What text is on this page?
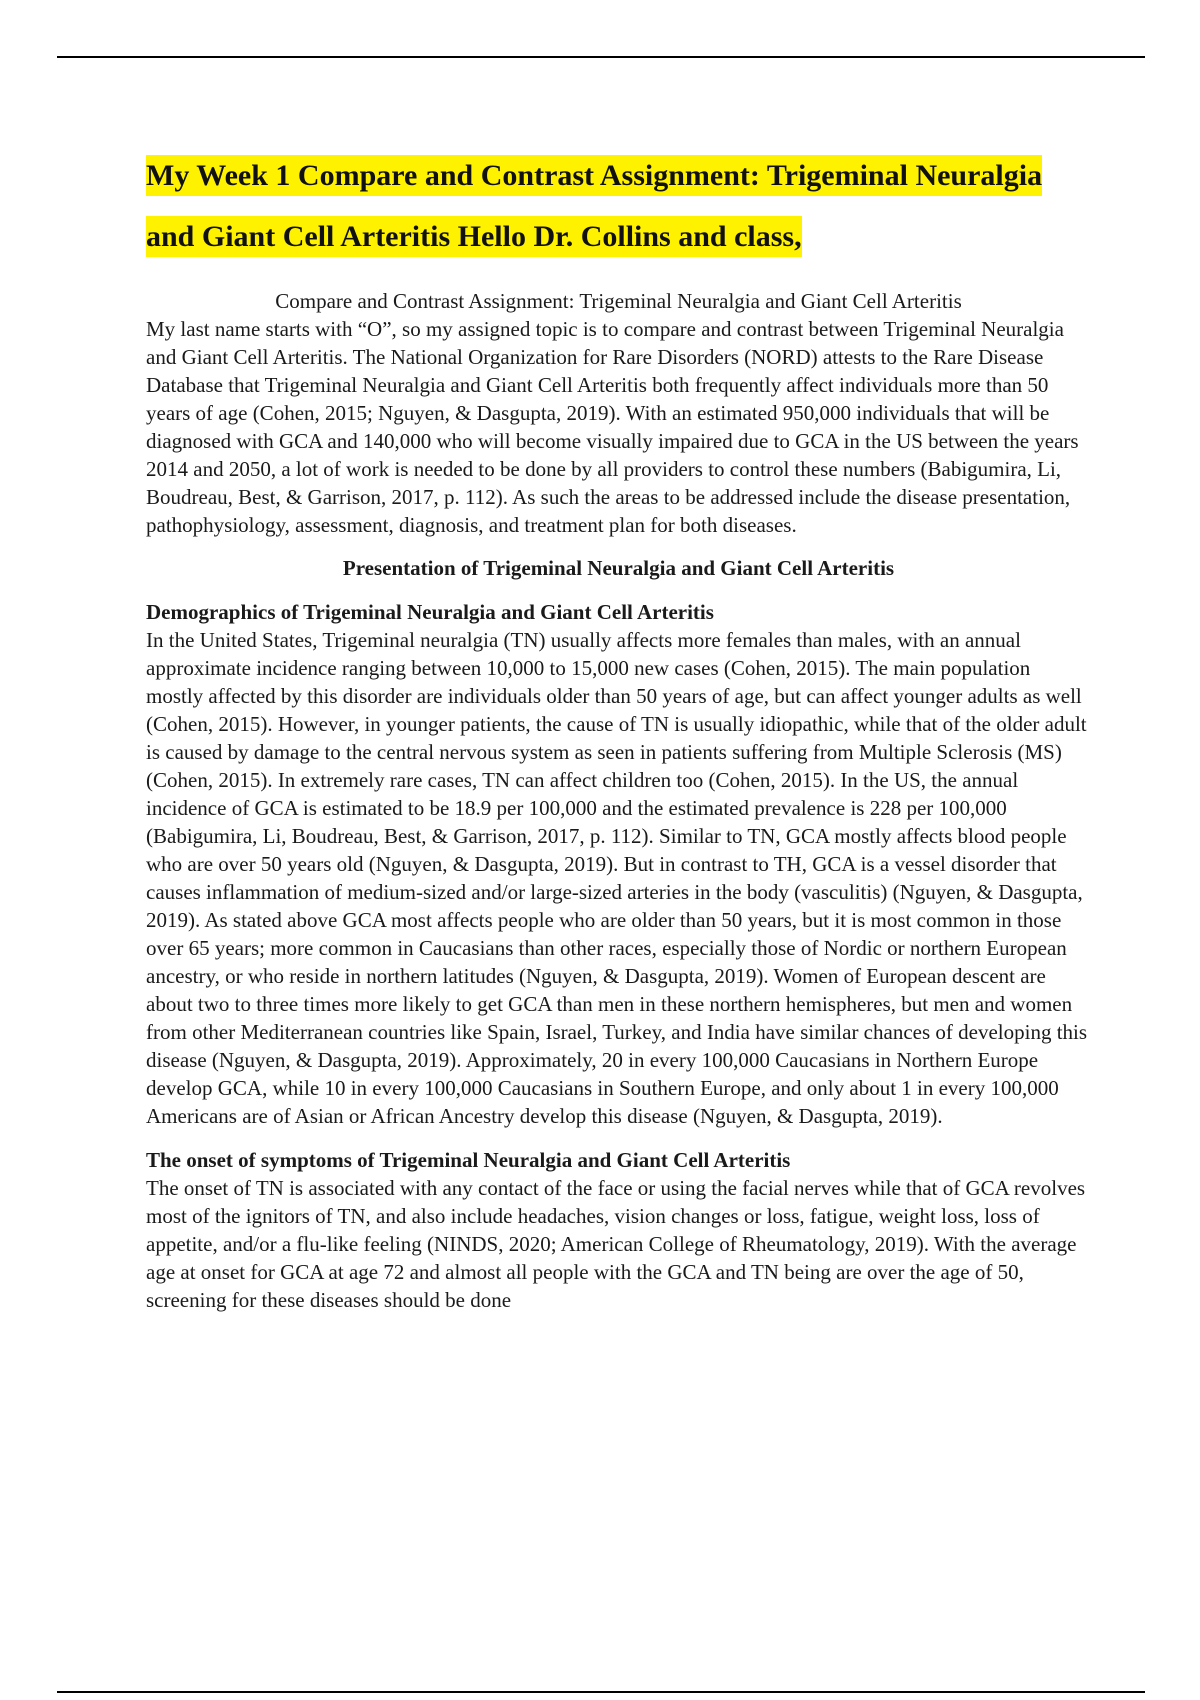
My Week 1 Compare and Contrast Assignment: Trigeminal Neuralgia and Giant Cell Arteritis Hello Dr. Collins and class,
Compare and Contrast Assignment: Trigeminal Neuralgia and Giant Cell Arteritis

My last name starts with “O”, so my assigned topic is to compare and contrast between Trigeminal Neuralgia and Giant Cell Arteritis. The National Organization for Rare Disorders (NORD) attests to the Rare Disease Database that Trigeminal Neuralgia and Giant Cell Arteritis both frequently affect individuals more than 50 years of age (Cohen, 2015; Nguyen, & Dasgupta, 2019). With an estimated 950,000 individuals that will be diagnosed with GCA and 140,000 who will become visually impaired due to GCA in the US between the years 2014 and 2050, a lot of work is needed to be done by all providers to control these numbers (Babigumira, Li, Boudreau, Best, & Garrison, 2017, p. 112). As such the areas to be addressed include the disease presentation, pathophysiology, assessment, diagnosis, and treatment plan for both diseases.

Presentation of Trigeminal Neuralgia and Giant Cell Arteritis
Demographics of Trigeminal Neuralgia and Giant Cell Arteritis

In the United States, Trigeminal neuralgia (TN) usually affects more females than males, with an annual approximate incidence ranging between 10,000 to 15,000 new cases (Cohen, 2015). The main population mostly affected by this disorder are individuals older than 50 years of age, but can affect younger adults as well (Cohen, 2015). However, in younger patients, the cause of TN is usually idiopathic, while that of the older adult is caused by damage to the central nervous system as seen in patients suffering from Multiple Sclerosis (MS) (Cohen, 2015). In extremely rare cases, TN can affect children too (Cohen, 2015). In the US, the annual incidence of GCA is estimated to be 18.9 per 100,000 and the estimated prevalence is 228 per 100,000 (Babigumira, Li, Boudreau, Best, & Garrison, 2017, p. 112). Similar to TN, GCA mostly affects blood people who are over 50 years old (Nguyen, & Dasgupta, 2019). But in contrast to TH, GCA is a vessel disorder that causes inflammation of medium-sized and/or large-sized arteries in the body (vasculitis) (Nguyen, & Dasgupta, 2019). As stated above GCA most affects people who are older than 50 years, but it is most common in those over 65 years; more common in Caucasians than other races, especially those of Nordic or northern European ancestry, or who reside in northern latitudes (Nguyen, & Dasgupta, 2019). Women of European descent are about two to three times more likely to get GCA than men in these northern hemispheres, but men and women from other Mediterranean countries like Spain, Israel, Turkey, and India have similar chances of developing this disease (Nguyen, & Dasgupta, 2019). Approximately, 20 in every 100,000 Caucasians in Northern Europe develop GCA, while 10 in every 100,000 Caucasians in Southern Europe, and only about 1 in every 100,000 Americans are of Asian or African Ancestry develop this disease (Nguyen, & Dasgupta, 2019).

The onset of symptoms of Trigeminal Neuralgia and Giant Cell Arteritis

The onset of TN is associated with any contact of the face or using the facial nerves while that of GCA revolves most of the ignitors of TN, and also include headaches, vision changes or loss, fatigue, weight loss, loss of appetite, and/or a flu-like feeling (NINDS, 2020; American College of Rheumatology, 2019). With the average age at onset for GCA at age 72 and almost all people with the GCA and TN being are over the age of 50, screening for these diseases should be done
